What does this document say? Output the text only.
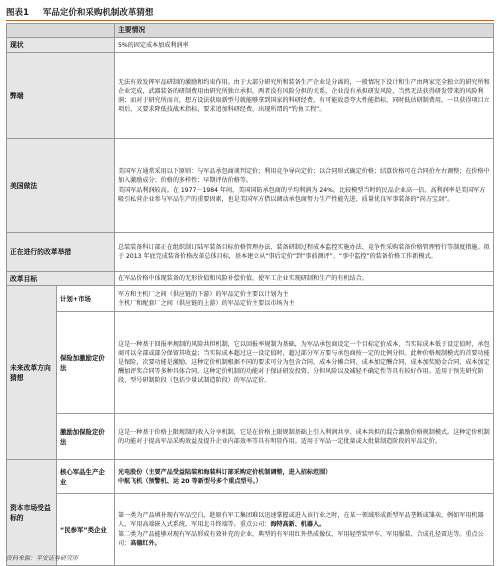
图表1 军品定价和采购机制改革猜想
		主要情况
现状		5%的固定成本加成利润率
弊端		无法有效发挥军品研制的激励和约束作用。由于大部分研究所和装备生产企业是分离的，一般情况下设计和生产由两家完全独立的研究所和企业完成，武器装备的研制费用由研究所独立承担，两者没有风险分担的关系，企业没有承担研发风险，当然无法获得研发带来的风险利润；而对于研究所而言，想方设法获取新型号就能够拿到国家的科研经费，有可能故意夸大性能指标，同时低估研制费用，一旦获得项目立项后，又要求降低技战术指标，要求追加科研经费，出现所谓的“钓鱼工程”。
美国做法		美国军方通常采用以下原则：与军品承包商谈判定价；利用竞争导向定价；以合同形式确定价格；结算价格可在合同价左右调整；在价格中加入激励成分；价格的多样性；早期评估价格等。
美国军品利润较高。在 1977－1984 年间，美国国防承包商的平均利润为 24%。比较模型当时的民品企业高一倍。高利润率是美国军方吸引私营企业参与军品生产的重要因素，也是美国军方借以调动承包商努力生产性能先进、质量优良军事装备的“尚方宝剑”。

正在进行的改革举措		总装装备科订部正在组织制订陆军装备目标价格管理办法、装备研制过程成本监控实施办法、竞争性采购装备价格管理暂行等制度措施。拟于 2013 年底完成装备价格改革总体目标，基本建立从“事后定价”到“事前测评”、“事中监控”的装备价格工作新模式。
改革目标		在军品价格中体现装备的无形价值和风险补偿价值，使军工企业实现研制和生产的有机结合。
未来改革方向猜想	计划+市场	军方和主机厂之间（供应链的下游）的军品定价主要以计划为主
主机厂和配套厂之间（供应链的上游）的军品定价主要以市场为主

	保险加激励定价法	这是一种基于回报率规制的风险共担机制，它以回报率规制为基础，为军品承包商设定一个目标定价成本，当实际成本低于设定值时，承包商可以全部或部分保留其收益；当实际成本超过这一设定值时，超过部分军方要与承包商按一定的比例分担。此种价格规制模式的首要功能是保险，次要功能是激励。这种定价机制根据不同的要求可分为包含合同、成本分摊合同、成本加定酬合同、成本加奖励金合同、成本加定酬加评奖合同等多种具体合同。这种定价机制的功能对于保证研发投资、分担风险以及减轻不确定性等具有较好作用。适用于预先研究阶段、型号研制阶段（包括少量试制造阶段）的军品定价。
	激励加保险定价法	这是一种基于价格上限规制的收入分享机制，它是在价格上限规制基础上引入利润共享、成本共担的混合激励价格规制模式。这种定价机制的功能对于提高军品采购效益及提升企业内部效率等具有明显作用。适用于军品一定批量或大批量制造阶段的军品定价。
资本市场受益标的	核心军品生产企业	光电股份（主要产品受益陆装和海装科订部采购定价机制调整，进入招标范围）
中航飞机（预警机、运 20 等新型号多个重点型号。）

	“民参军”类企业	第一类为产品填补现有军品空白，趁原有军工集团难以迅速掌握或进入该行业之时，在某一领域形成新型军品垄断或雏卖，例如军用机器人、军用高端嵌入式系统、军用北斗终端等。重点公司：海特高新、机器人。
第二类为产品能够对现有军品形成有效补充的企业，典型的有军用红外热成像仪、军用轻型装甲车、军用服装、合成孔径雷达等。重点公司：高德红外。
资料来源：平安证券研究所
